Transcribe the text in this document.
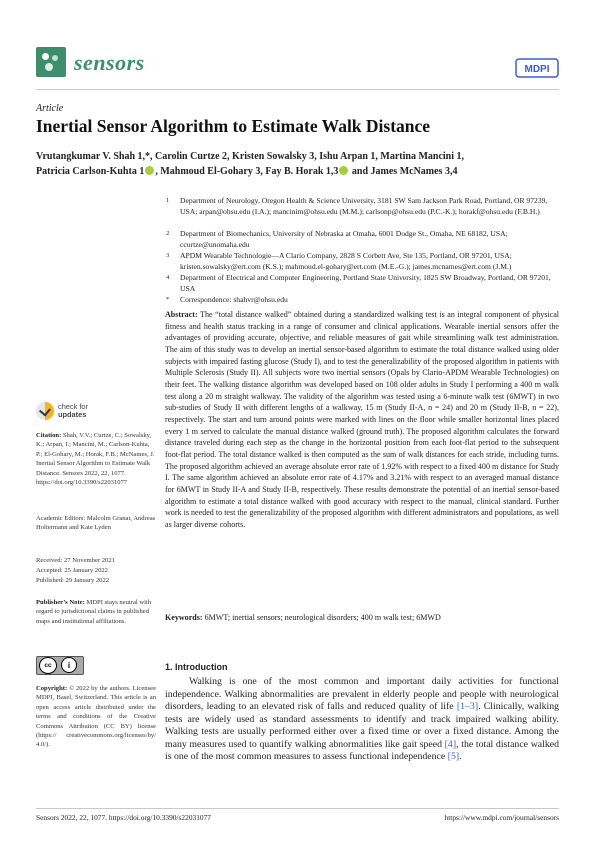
sensors	MDPI
Article
Inertial Sensor Algorithm to Estimate Walk Distance
Vrutangkumar V. Shah 1,*, Carolin Curtze 2, Kristen Sowalsky 3, Ishu Arpan 1, Martina Mancini 1,
Patricia Carlson-Kuhta 1 , Mahmoud El-Gohary 3, Fay B. Horak 1,3 and James McNames 3,4
1 Department of Neurology, Oregon Health & Science University, 3181 SW Sam Jackson Park Road, Portland, OR 97239, USA; arpan@ohsu.edu (I.A.); mancinim@ohsu.edu (M.M.); carlsonp@ohsu.edu (P.C.-K.); horakf@ohsu.edu (F.B.H.)
2 Department of Biomechanics, University of Nebraska at Omaha, 6001 Dodge St., Omaha, NE 68182, USA; ccurtze@unomaha.edu
3 APDM Wearable Technologie—A Clario Company, 2828 S Corbett Ave, Ste 135, Portland, OR 97201, USA; kristen.sowalsky@ert.com (K.S.); mahmoud.el-gohary@ert.com (M.E.-G.); james.mcnames@ert.com (J.M.)
4 Department of Electrical and Computer Engineering, Portland State University, 1825 SW Broadway, Portland, OR 97201, USA
* Correspondence: shahvr@ohsu.edu
Abstract: The “total distance walked” obtained during a standardized walking test is an integral component of physical fitness and health status tracking in a range of consumer and clinical applications. Wearable inertial sensors offer the advantages of providing accurate, objective, and reliable measures of gait while streamlining walk test administration. The aim of this study was to develop an inertial sensor-based algorithm to estimate the total distance walked using older subjects with impaired fasting glucose (Study I), and to test the generalizability of the proposed algorithm in patients with Multiple Sclerosis (Study II). All subjects wore two inertial sensors (Opals by Clario-APDM Wearable Technologies) on their feet. The walking distance algorithm was developed based on 108 older adults in Study I performing a 400 m walk test along a 20 m straight walkway. The validity of the algorithm was tested using a 6-minute walk test (6MWT) in two sub-studies of Study II with different lengths of a walkway, 15 m (Study II-A, n = 24) and 20 m (Study II-B, n = 22), respectively. The start and turn around points were marked with lines on the floor while smaller horizontal lines placed every 1 m served to calculate the manual distance walked (ground truth). The proposed algorithm calculates the forward distance traveled during each step as the change in the horizontal position from each foot-flat period to the subsequent foot-flat period. The total distance walked is then computed as the sum of walk distances for each stride, including turns. The proposed algorithm achieved an average absolute error rate of 1.92% with respect to a fixed 400 m distance for Study I. The same algorithm achieved an absolute error rate of 4.17% and 3.21% with respect to an averaged manual distance for 6MWT in Study II-A and Study II-B, respectively. These results demonstrate the potential of an inertial sensor-based algorithm to estimate a total distance walked with good accuracy with respect to the manual, clinical standard. Further work is needed to test the generalizability of the proposed algorithm with different administrators and populations, as well as larger diverse cohorts.
Keywords: 6MWT; inertial sensors; neurological disorders; 400 m walk test; 6MWD
check for
updates
Citation: Shah, V.V.; Curtze, C.; Sowalsky, K.; Arpan, I.; Mancini, M.; Carlson-Kuhta, P.; El-Gohary, M.; Horak, F.B.; McNames, J. Inertial Sensor Algorithm to Estimate Walk Distance. Sensors 2022, 22, 1077. https://doi.org/10.3390/s22031077
Academic Editors: Malcolm Granat, Andreas Holtermann and Kate Lyden
Received: 27 November 2021
Accepted: 25 January 2022
Published: 29 January 2022
Publisher’s Note: MDPI stays neutral with regard to jurisdictional claims in published maps and institutional affiliations.
cc	i
Copyright: © 2022 by the authors. Licensee MDPI, Basel, Switzerland. This article is an open access article distributed under the terms and conditions of the Creative Commons Attribution (CC BY) license (https:// creativecommons.org/licenses/by/ 4.0/).
1. Introduction
Walking is one of the most common and important daily activities for functional independence. Walking abnormalities are prevalent in elderly people and people with neurological disorders, leading to an elevated risk of falls and reduced quality of life [1–3]. Clinically, walking tests are widely used as standard assessments to identify and track impaired walking ability. Walking tests are usually performed either over a fixed time or over a fixed distance. Among the many measures used to quantify walking abnormalities like gait speed [4], the total distance walked is one of the most common measures to assess functional independence [5].
Sensors 2022, 22, 1077. https://doi.org/10.3390/s22031077	https://www.mdpi.com/journal/sensors
